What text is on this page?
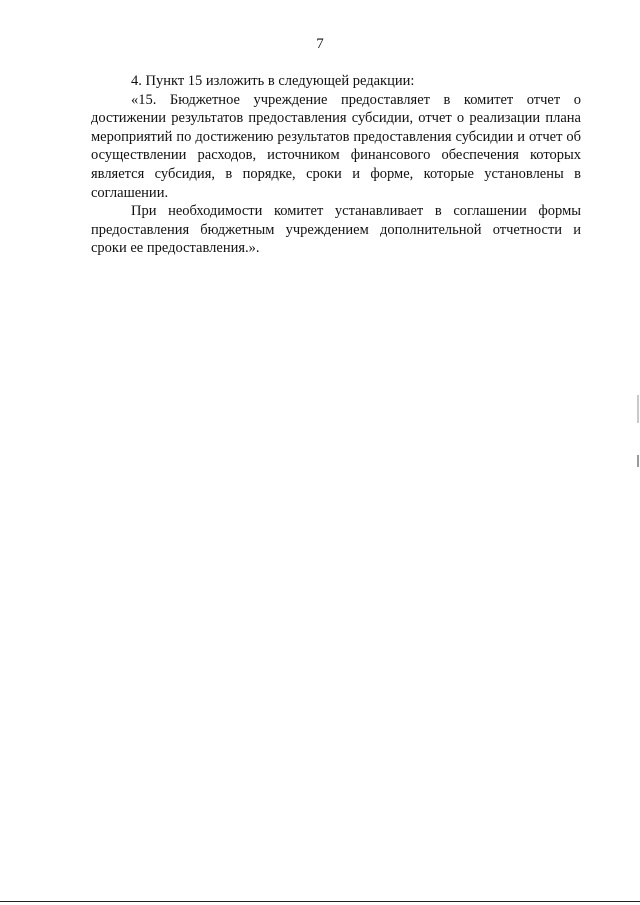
7

4. Пункт 15 изложить в следующей редакции:

«15. Бюджетное учреждение предоставляет в комитет отчет о достижении результатов предоставления субсидии, отчет о реализации плана мероприятий по достижению результатов предоставления субсидии и отчет об осуществлении расходов, источником финансового обеспечения которых является субсидия, в порядке, сроки и форме, которые установлены в соглашении.

При необходимости комитет устанавливает в соглашении формы предоставления бюджетным учреждением дополнительной отчетности и сроки ее предоставления.».
